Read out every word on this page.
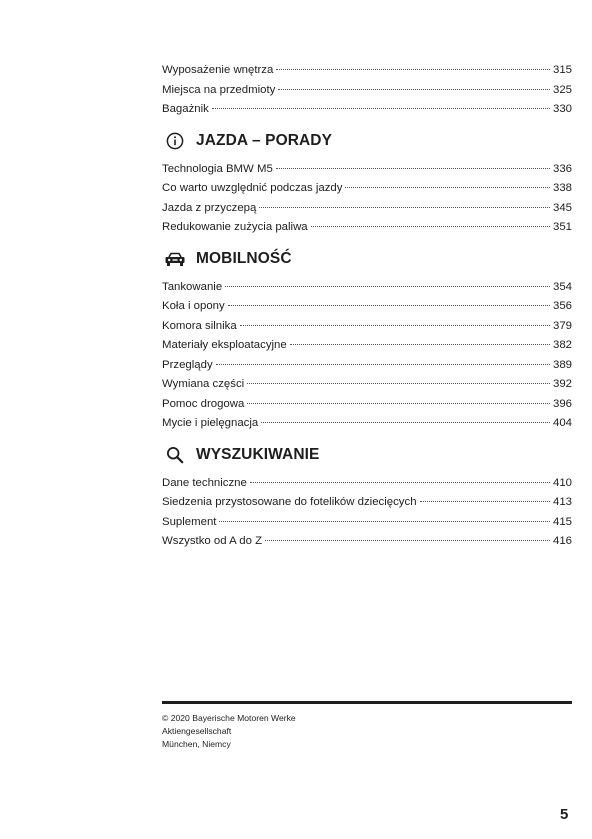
Wyposażenie wnętrza	315
Miejsca na przedmioty	325
Bagażnik	330
JAZDA – PORADY
Technologia BMW M5	336
Co warto uwzględnić podczas jazdy	338
Jazda z przyczepą	345
Redukowanie zużycia paliwa	351
MOBILNOŚĆ
Tankowanie	354
Koła i opony	356
Komora silnika	379
Materiały eksploatacyjne	382
Przeglądy	389
Wymiana części	392
Pomoc drogowa	396
Mycie i pielęgnacja	404
WYSZUKIWANIE
Dane techniczne	410
Siedzenia przystosowane do fotelików dziecięcych	413
Suplement	415
Wszystko od A do Z	416
© 2020 Bayerische Motoren Werke
Aktiengesellschaft
München, Niemcy
5
